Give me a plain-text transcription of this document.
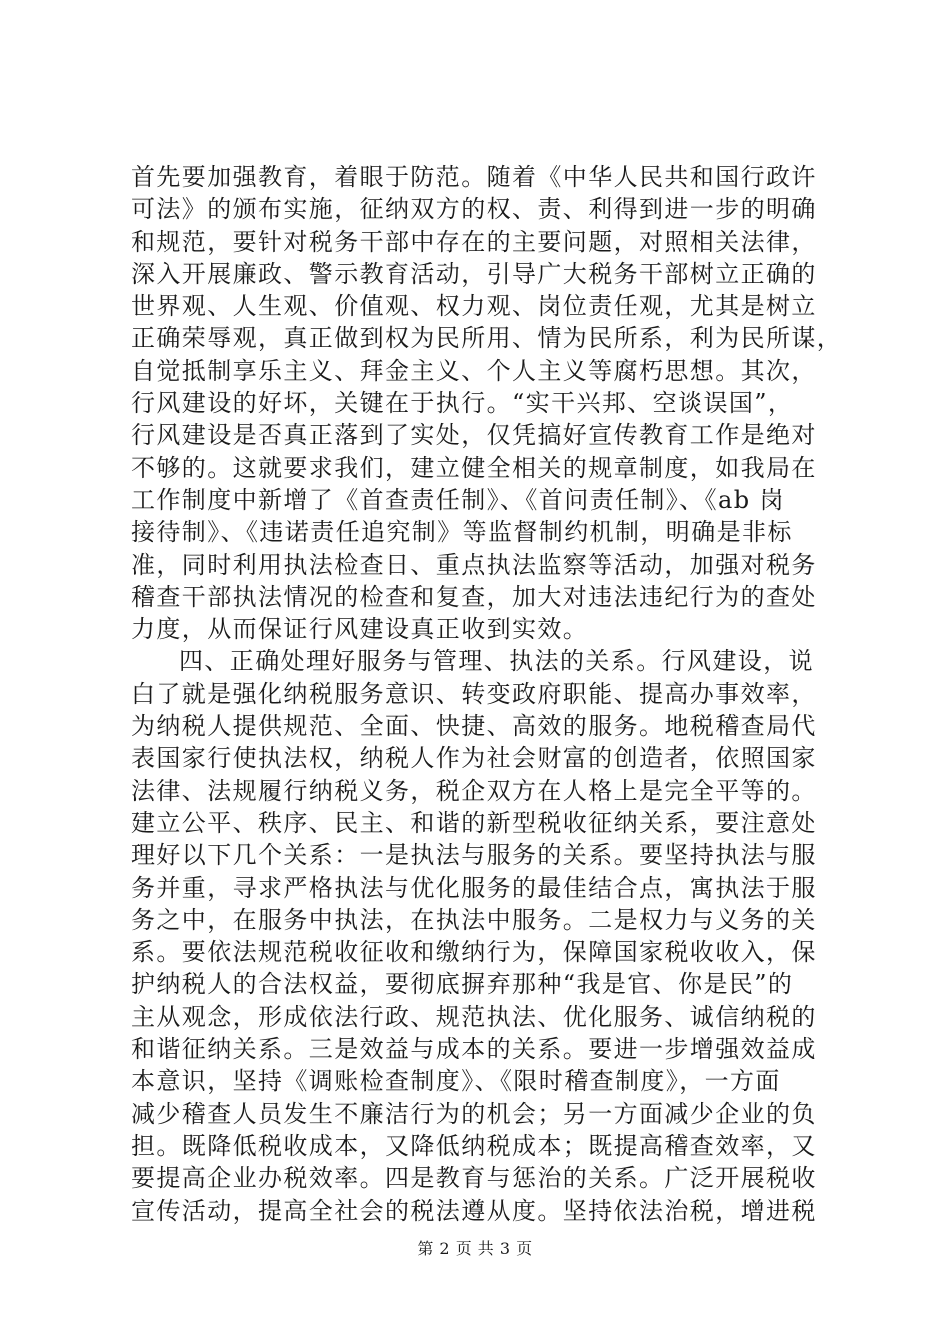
首先要加强教育，着眼于防范。随着《中华人民共和国行政许
可法》的颁布实施，征纳双方的权、责、利得到进一步的明确
和规范，要针对税务干部中存在的主要问题，对照相关法律，
深入开展廉政、警示教育活动，引导广大税务干部树立正确的
世界观、人生观、价值观、权力观、岗位责任观，尤其是树立
正确荣辱观，真正做到权为民所用、情为民所系，利为民所谋，
自觉抵制享乐主义、拜金主义、个人主义等腐朽思想。其次，
行风建设的好坏，关键在于执行。“实干兴邦、空谈误国”，
行风建设是否真正落到了实处，仅凭搞好宣传教育工作是绝对
不够的。这就要求我们，建立健全相关的规章制度，如我局在
工作制度中新增了《首查责任制》、《首问责任制》、《ab 岗
接待制》、《违诺责任追究制》等监督制约机制，明确是非标
准，同时利用执法检查日、重点执法监察等活动，加强对税务
稽查干部执法情况的检查和复查，加大对违法违纪行为的查处
力度，从而保证行风建设真正收到实效。
四、正确处理好服务与管理、执法的关系。行风建设，说
白了就是强化纳税服务意识、转变政府职能、提高办事效率，
为纳税人提供规范、全面、快捷、高效的服务。地税稽查局代
表国家行使执法权，纳税人作为社会财富的创造者，依照国家
法律、法规履行纳税义务，税企双方在人格上是完全平等的。
建立公平、秩序、民主、和谐的新型税收征纳关系，要注意处
理好以下几个关系：一是执法与服务的关系。要坚持执法与服
务并重，寻求严格执法与优化服务的最佳结合点，寓执法于服
务之中，在服务中执法，在执法中服务。二是权力与义务的关
系。要依法规范税收征收和缴纳行为，保障国家税收收入，保
护纳税人的合法权益，要彻底摒弃那种“我是官、你是民”的
主从观念，形成依法行政、规范执法、优化服务、诚信纳税的
和谐征纳关系。三是效益与成本的关系。要进一步增强效益成
本意识，坚持《调账检查制度》、《限时稽查制度》，一方面
减少稽查人员发生不廉洁行为的机会；另一方面减少企业的负
担。既降低税收成本，又降低纳税成本；既提高稽查效率，又
要提高企业办税效率。四是教育与惩治的关系。广泛开展税收
宣传活动，提高全社会的税法遵从度。坚持依法治税，增进税
第 2 页 共 3 页
